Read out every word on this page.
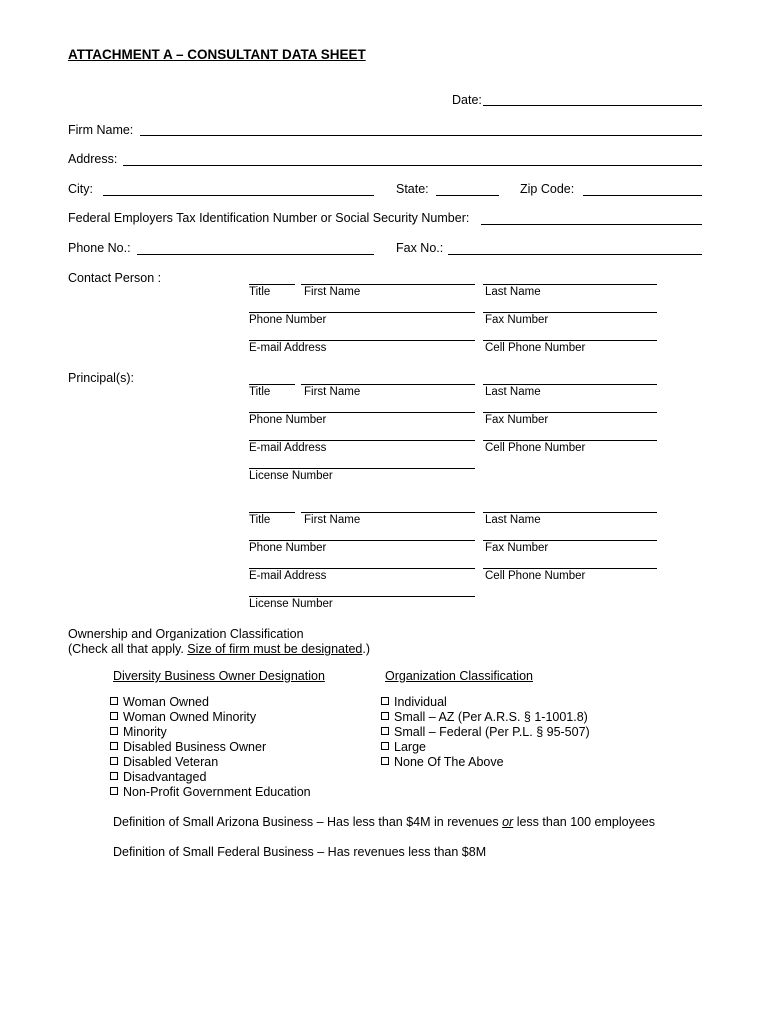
ATTACHMENT A – CONSULTANT DATA SHEET
Date:
Firm Name:
Address:
City:	State:	Zip Code:
Federal Employers Tax Identification Number or Social Security Number:
Phone No.:	Fax No.:
Contact Person :
Title	First Name	Last Name
Phone Number	Fax Number
E-mail Address	Cell Phone Number
Principal(s):
Title	First Name	Last Name
Phone Number	Fax Number
E-mail Address	Cell Phone Number
License Number
Title	First Name	Last Name
Phone Number	Fax Number
E-mail Address	Cell Phone Number
License Number
Ownership and Organization Classification
(Check all that apply. Size of firm must be designated.)
Diversity Business Owner Designation	Organization Classification
Woman Owned
Woman Owned Minority
Minority
Disabled Business Owner
Disabled Veteran
Disadvantaged
Non-Profit Government Education
Individual
Small – AZ (Per A.R.S. § 1-1001.8)
Small – Federal (Per P.L. § 95-507)
Large
None Of The Above
Definition of Small Arizona Business – Has less than $4M in revenues or less than 100 employees
Definition of Small Federal Business – Has revenues less than $8M
